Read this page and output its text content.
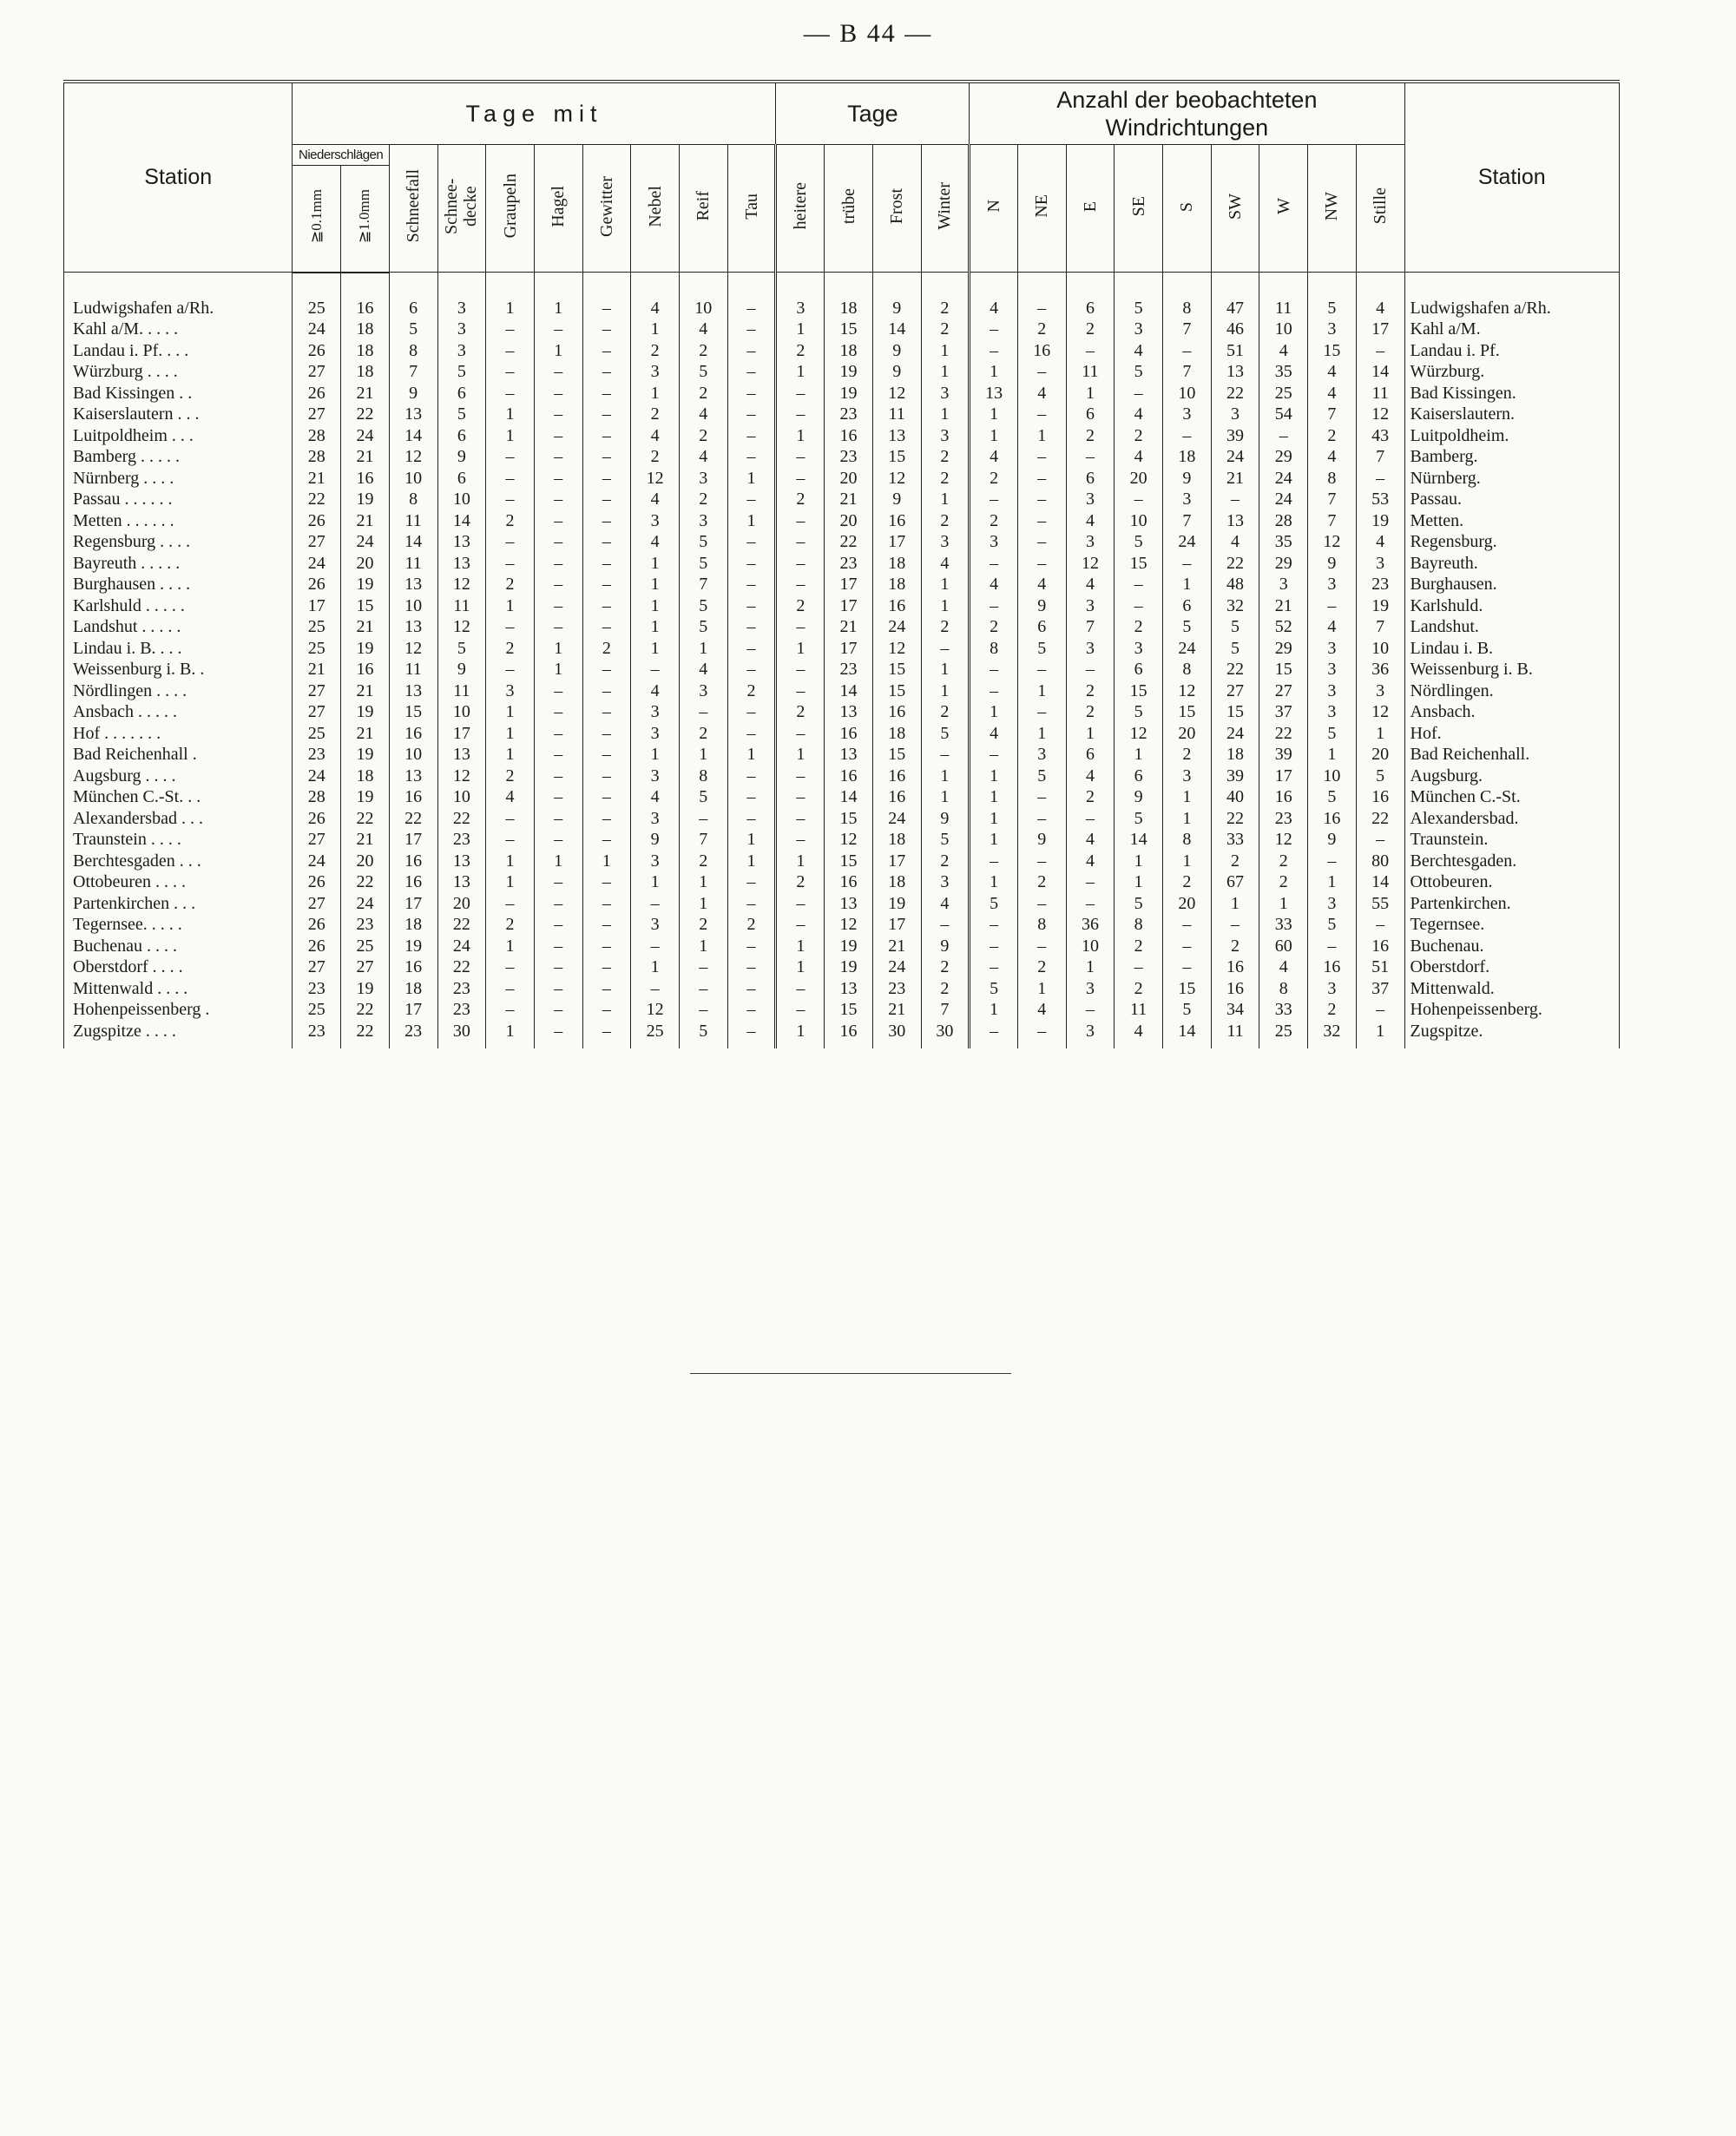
— B 44 —
Station	Tage mit										Tage				Anzahl der beobachteten Windrichtungen									Station
	Niederschlägen		Schneefall	Schnee-decke	Graupeln	Hagel	Gewitter	Nebel	Reif	Tau	heitere	trübe	Frost	Winter	N	NE	E	SE	S	SW	W	NW	Stille	
	≧0.1mm	≧1.0mm																						

Ludwigshafen a/Rh.	25	16	6	3	1	1	–	4	10	–	3	18	9	2	4	–	6	5	8	47	11	5	4	Ludwigshafen a/Rh.
Kahl a/M. . . . .	24	18	5	3	–	–	–	1	4	–	1	15	14	2	–	2	2	3	7	46	10	3	17	Kahl a/M.
Landau i. Pf. . . .	26	18	8	3	–	1	–	2	2	–	2	18	9	1	–	16	–	4	–	51	4	15	–	Landau i. Pf.
Würzburg . . . .	27	18	7	5	–	–	–	3	5	–	1	19	9	1	1	–	11	5	7	13	35	4	14	Würzburg.
Bad Kissingen . .	26	21	9	6	–	–	–	1	2	–	–	19	12	3	13	4	1	–	10	22	25	4	11	Bad Kissingen.
Kaiserslautern . . .	27	22	13	5	1	–	–	2	4	–	–	23	11	1	1	–	6	4	3	3	54	7	12	Kaiserslautern.
Luitpoldheim . . .	28	24	14	6	1	–	–	4	2	–	1	16	13	3	1	1	2	2	–	39	–	2	43	Luitpoldheim.
Bamberg . . . . .	28	21	12	9	–	–	–	2	4	–	–	23	15	2	4	–	–	4	18	24	29	4	7	Bamberg.
Nürnberg . . . .	21	16	10	6	–	–	–	12	3	1	–	20	12	2	2	–	6	20	9	21	24	8	–	Nürnberg.
Passau . . . . . .	22	19	8	10	–	–	–	4	2	–	2	21	9	1	–	–	3	–	3	–	24	7	53	Passau.
Metten . . . . . .	26	21	11	14	2	–	–	3	3	1	–	20	16	2	2	–	4	10	7	13	28	7	19	Metten.
Regensburg . . . .	27	24	14	13	–	–	–	4	5	–	–	22	17	3	3	–	3	5	24	4	35	12	4	Regensburg.
Bayreuth . . . . .	24	20	11	13	–	–	–	1	5	–	–	23	18	4	–	–	12	15	–	22	29	9	3	Bayreuth.
Burghausen . . . .	26	19	13	12	2	–	–	1	7	–	–	17	18	1	4	4	4	–	1	48	3	3	23	Burghausen.
Karlshuld . . . . .	17	15	10	11	1	–	–	1	5	–	2	17	16	1	–	9	3	–	6	32	21	–	19	Karlshuld.
Landshut . . . . .	25	21	13	12	–	–	–	1	5	–	–	21	24	2	2	6	7	2	5	5	52	4	7	Landshut.
Lindau i. B. . . .	25	19	12	5	2	1	2	1	1	–	1	17	12	–	8	5	3	3	24	5	29	3	10	Lindau i. B.
Weissenburg i. B. .	21	16	11	9	–	1	–	–	4	–	–	23	15	1	–	–	–	6	8	22	15	3	36	Weissenburg i. B.
Nördlingen . . . .	27	21	13	11	3	–	–	4	3	2	–	14	15	1	–	1	2	15	12	27	27	3	3	Nördlingen.
Ansbach . . . . .	27	19	15	10	1	–	–	3	–	–	2	13	16	2	1	–	2	5	15	15	37	3	12	Ansbach.
Hof . . . . . . .	25	21	16	17	1	–	–	3	2	–	–	16	18	5	4	1	1	12	20	24	22	5	1	Hof.
Bad Reichenhall .	23	19	10	13	1	–	–	1	1	1	1	13	15	–	–	3	6	1	2	18	39	1	20	Bad Reichenhall.
Augsburg . . . .	24	18	13	12	2	–	–	3	8	–	–	16	16	1	1	5	4	6	3	39	17	10	5	Augsburg.
München C.-St. . .	28	19	16	10	4	–	–	4	5	–	–	14	16	1	1	–	2	9	1	40	16	5	16	München C.-St.
Alexandersbad . . .	26	22	22	22	–	–	–	3	–	–	–	15	24	9	1	–	–	5	1	22	23	16	22	Alexandersbad.
Traunstein . . . .	27	21	17	23	–	–	–	9	7	1	–	12	18	5	1	9	4	14	8	33	12	9	–	Traunstein.
Berchtesgaden . . .	24	20	16	13	1	1	1	3	2	1	1	15	17	2	–	–	4	1	1	2	2	–	80	Berchtesgaden.
Ottobeuren . . . .	26	22	16	13	1	–	–	1	1	–	2	16	18	3	1	2	–	1	2	67	2	1	14	Ottobeuren.
Partenkirchen . . .	27	24	17	20	–	–	–	–	1	–	–	13	19	4	5	–	–	5	20	1	1	3	55	Partenkirchen.
Tegernsee. . . . .	26	23	18	22	2	–	–	3	2	2	–	12	17	–	–	8	36	8	–	–	33	5	–	Tegernsee.
Buchenau . . . .	26	25	19	24	1	–	–	–	1	–	1	19	21	9	–	–	10	2	–	2	60	–	16	Buchenau.
Oberstdorf . . . .	27	27	16	22	–	–	–	1	–	–	1	19	24	2	–	2	1	–	–	16	4	16	51	Oberstdorf.
Mittenwald . . . .	23	19	18	23	–	–	–	–	–	–	–	13	23	2	5	1	3	2	15	16	8	3	37	Mittenwald.
Hohenpeissenberg .	25	22	17	23	–	–	–	12	–	–	–	15	21	7	1	4	–	11	5	34	33	2	–	Hohenpeissenberg.
Zugspitze . . . .	23	22	23	30	1	–	–	25	5	–	1	16	30	30	–	–	3	4	14	11	25	32	1	Zugspitze.
